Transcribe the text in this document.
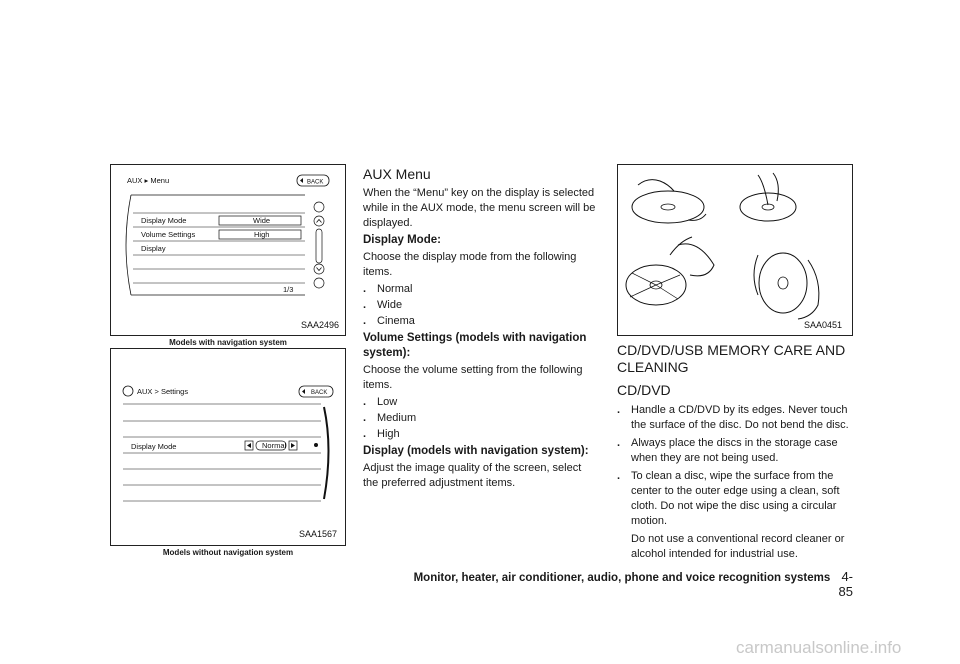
AUX ▸ Menu	BACK
Display Mode	Wide
Volume Settings	High
Display
1/3
SAA2496
Models with navigation system
AUX > Settings	BACK
Display Mode	Normal
SAA1567
Models without navigation system
AUX Menu

When the “Menu” key on the display is selected while in the AUX mode, the menu screen will be displayed.

Display Mode:

Choose the display mode from the following items.

. Normal
. Wide
. Cinema
Volume Settings (models with navigation system):

Choose the volume setting from the following items.

. Low
. Medium
. High
Display (models with navigation system):

Adjust the image quality of the screen, select the preferred adjustment items.

SAA0451
CD/DVD/USB MEMORY CARE AND CLEANING
CD/DVD
. Handle a CD/DVD by its edges. Never touch the surface of the disc. Do not bend the disc.
. Always place the discs in the storage case when they are not being used.
. To clean a disc, wipe the surface from the center to the outer edge using a clean, soft cloth. Do not wipe the disc using a circular motion.
Do not use a conventional record cleaner or alcohol intended for industrial use.
Monitor, heater, air conditioner, audio, phone and voice recognition systems 4-85
carmanualsonline.info
